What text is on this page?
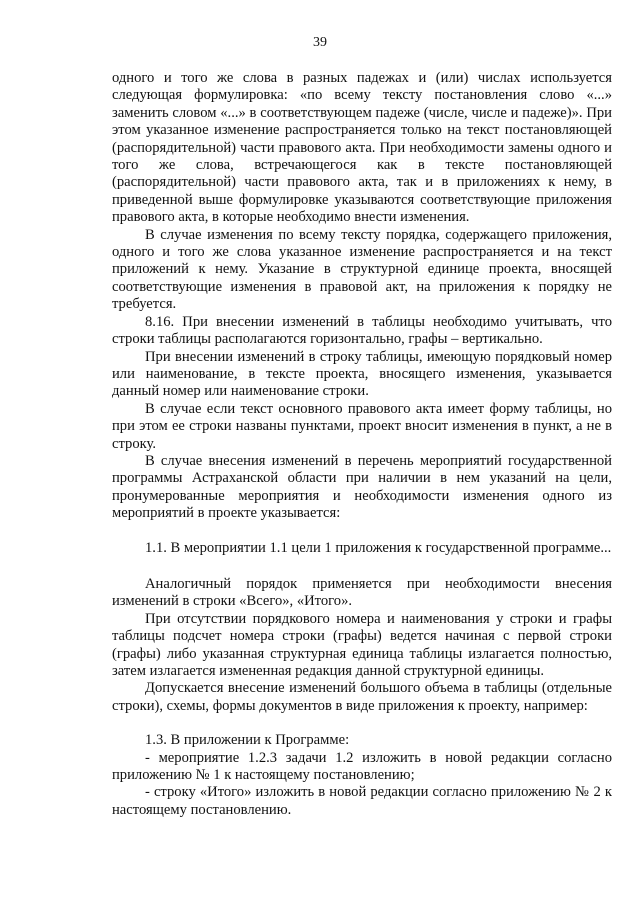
39

одного и того же слова в разных падежах и (или) числах используется следующая формулировка: «по всему тексту постановления слово «...» заменить словом «...» в соответствующем падеже (числе, числе и падеже)». При этом указанное изменение распространяется только на текст постановляющей (распорядительной) части правового акта. При необходимости замены одного и того же слова, встречающегося как в тексте постановляющей (распорядительной) части правового акта, так и в приложениях к нему, в приведенной выше формулировке указываются соответствующие приложения правового акта, в которые необходимо внести изменения.

В случае изменения по всему тексту порядка, содержащего приложения, одного и того же слова указанное изменение распространяется и на текст приложений к нему. Указание в структурной единице проекта, вносящей соответствующие изменения в правовой акт, на приложения к порядку не требуется.

8.16. При внесении изменений в таблицы необходимо учитывать, что строки таблицы располагаются горизонтально, графы – вертикально.

При внесении изменений в строку таблицы, имеющую порядковый номер или наименование, в тексте проекта, вносящего изменения, указывается данный номер или наименование строки.

В случае если текст основного правового акта имеет форму таблицы, но при этом ее строки названы пунктами, проект вносит изменения в пункт, а не в строку.

В случае внесения изменений в перечень мероприятий государственной программы Астраханской области при наличии в нем указаний на цели, пронумерованные мероприятия и необходимости изменения одного из мероприятий в проекте указывается:

1.1. В мероприятии 1.1 цели 1 приложения к государственной программе...

Аналогичный порядок применяется при необходимости внесения изменений в строки «Всего», «Итого».

При отсутствии порядкового номера и наименования у строки и графы таблицы подсчет номера строки (графы) ведется начиная с первой строки (графы) либо указанная структурная единица таблицы излагается полностью, затем излагается измененная редакция данной структурной единицы.

Допускается внесение изменений большого объема в таблицы (отдельные строки), схемы, формы документов в виде приложения к проекту, например:

1.3. В приложении к Программе:

- мероприятие 1.2.3 задачи 1.2 изложить в новой редакции согласно приложению № 1 к настоящему постановлению;

- строку «Итого» изложить в новой редакции согласно приложению № 2 к настоящему постановлению.
